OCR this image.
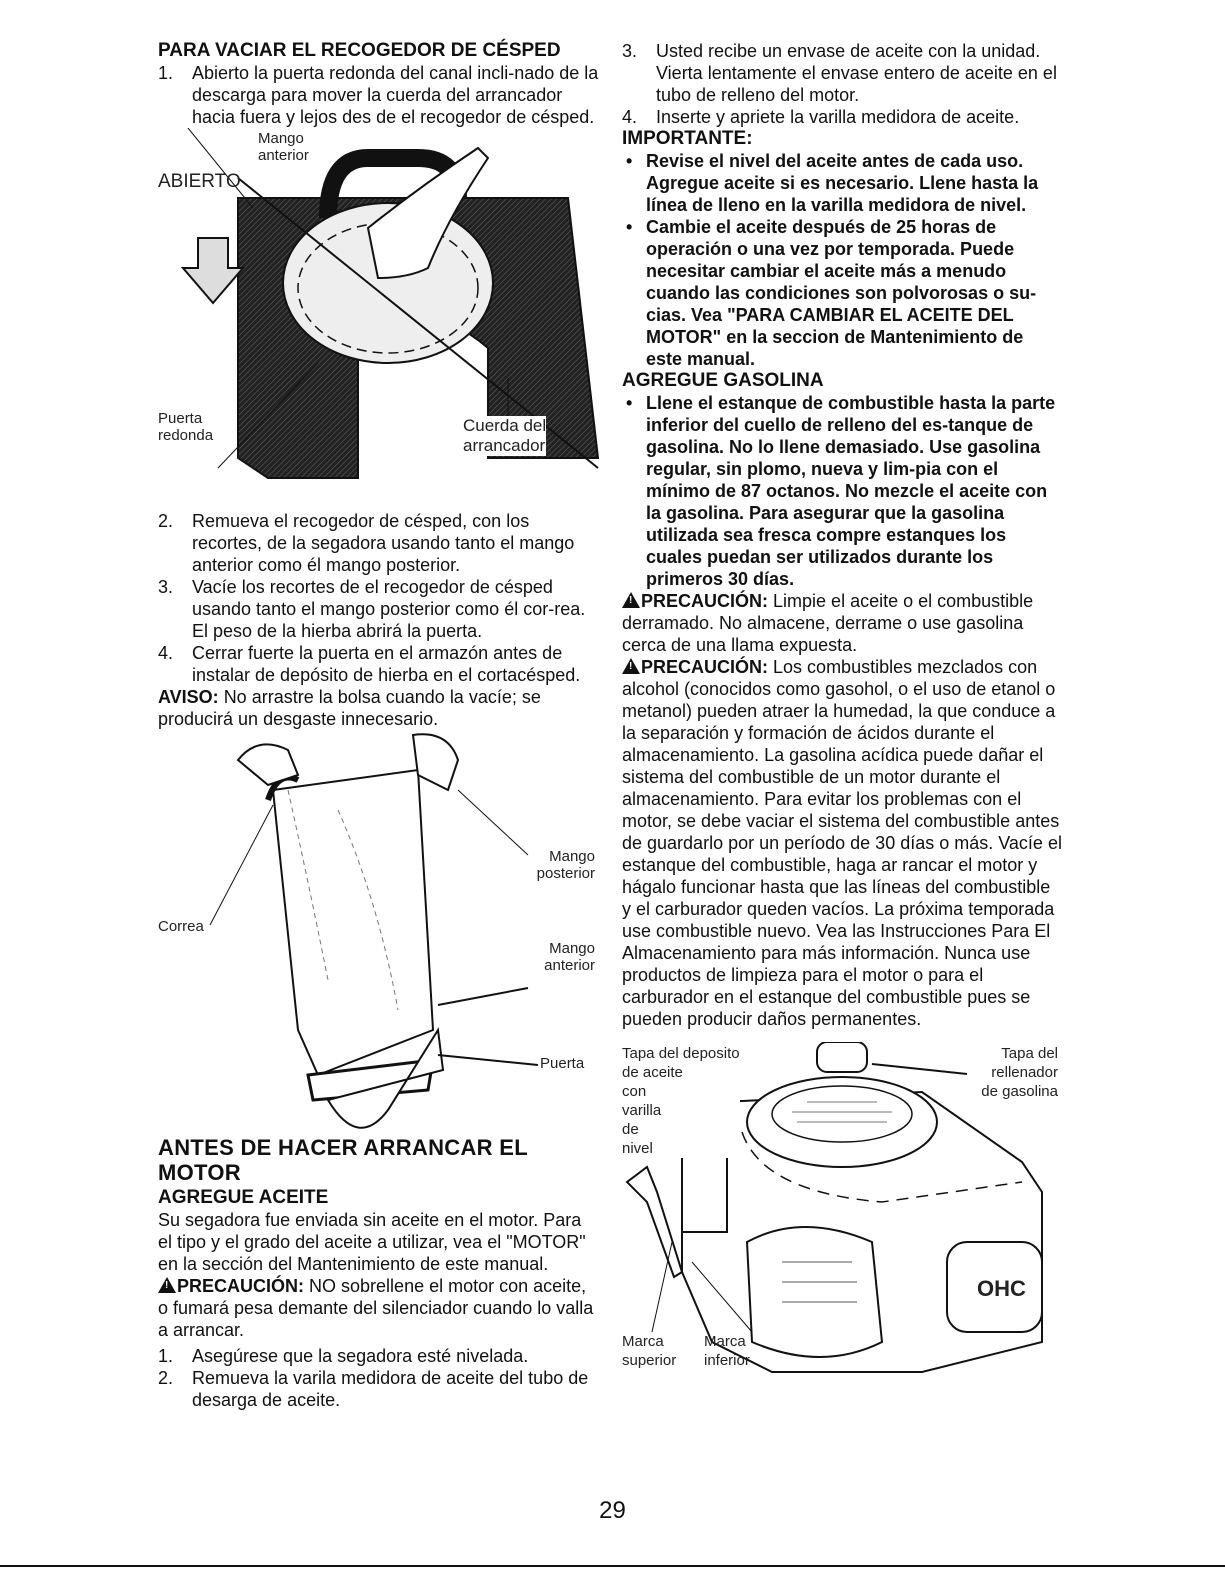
PARA VACIAR EL RECOGEDOR DE CÉSPED
1. Abierto la puerta redonda del canal incli-nado de la descarga para mover la cuerda del arrancador hacia fuera y lejos des de el recogedor de césped.
Mango
anterior
ABIERTO
Puerta
redonda
Cuerda del
arrancador
2. Remueva el recogedor de césped, con los recortes, de la segadora usando tanto el mango anterior como él mango posterior.
3. Vacíe los recortes de el recogedor de césped usando tanto el mango posterior como él cor-rea. El peso de la hierba abrirá la puerta.
4. Cerrar fuerte la puerta en el armazón antes de instalar de depósito de hierba en el cortacésped.

AVISO: No arrastre la bolsa cuando la vacíe; se producirá un desgaste innecesario.

Correa
Mango
posterior
Mango
anterior
Puerta
ANTES DE HACER ARRANCAR EL MOTOR
AGREGUE ACEITE

Su segadora fue enviada sin aceite en el motor. Para el tipo y el grado del aceite a utilizar, vea el "MOTOR" en la sección del Mantenimiento de este manual.

!PRECAUCIÓN: NO sobrellene el motor con aceite, o fumará pesa demante del silenciador cuando lo valla a arrancar.

1. Asegúrese que la segadora esté nivelada.
2. Remueva la varila medidora de aceite del tubo de desarga de aceite.
3. Usted recibe un envase de aceite con la unidad. Vierta lentamente el envase entero de aceite en el tubo de relleno del motor.
4. Inserte y apriete la varilla medidora de aceite.
IMPORTANTE:
• Revise el nivel del aceite antes de cada uso. Agregue aceite si es necesario. Llene hasta la línea de lleno en la varilla medidora de nivel.
• Cambie el aceite después de 25 horas de operación o una vez por temporada. Puede necesitar cambiar el aceite más a menudo cuando las condiciones son polvorosas o su-cias. Vea "PARA CAMBIAR EL ACEITE DEL MOTOR" en la seccion de Mantenimiento de este manual.
AGREGUE GASOLINA
• Llene el estanque de combustible hasta la parte inferior del cuello de relleno del es-tanque de gasolina. No lo llene demasiado. Use gasolina regular, sin plomo, nueva y lim-pia con el mínimo de 87 octanos. No mezcle el aceite con la gasolina. Para asegurar que la gasolina utilizada sea fresca compre estanques los cuales puedan ser utilizados durante los primeros 30 días.

!PRECAUCIÓN: Limpie el aceite o el combustible derramado. No almacene, derrame o use gasolina cerca de una llama expuesta.

!PRECAUCIÓN: Los combustibles mezclados con alcohol (conocidos como gasohol, o el uso de etanol o metanol) pueden atraer la humedad, la que conduce a la separación y formación de ácidos durante el almacenamiento. La gasolina acídica puede dañar el sistema del combustible de un motor durante el almacenamiento. Para evitar los problemas con el motor, se debe vaciar el sistema del combustible antes de guardarlo por un período de 30 días o más. Vacíe el estanque del combustible, haga ar rancar el motor y hágalo funcionar hasta que las líneas del combustible y el carburador queden vacíos. La próxima temporada use combustible nuevo. Vea las Instrucciones Para El Almacenamiento para más información. Nunca use productos de limpieza para el motor o para el carburador en el estanque del combustible pues se pueden producir daños permanentes.

Tapa del deposito
de aceite
con
varilla
de
nivel
Tapa del
rellenador
de gasolina
Marca
superior
Marca
inferior
OHC
29
